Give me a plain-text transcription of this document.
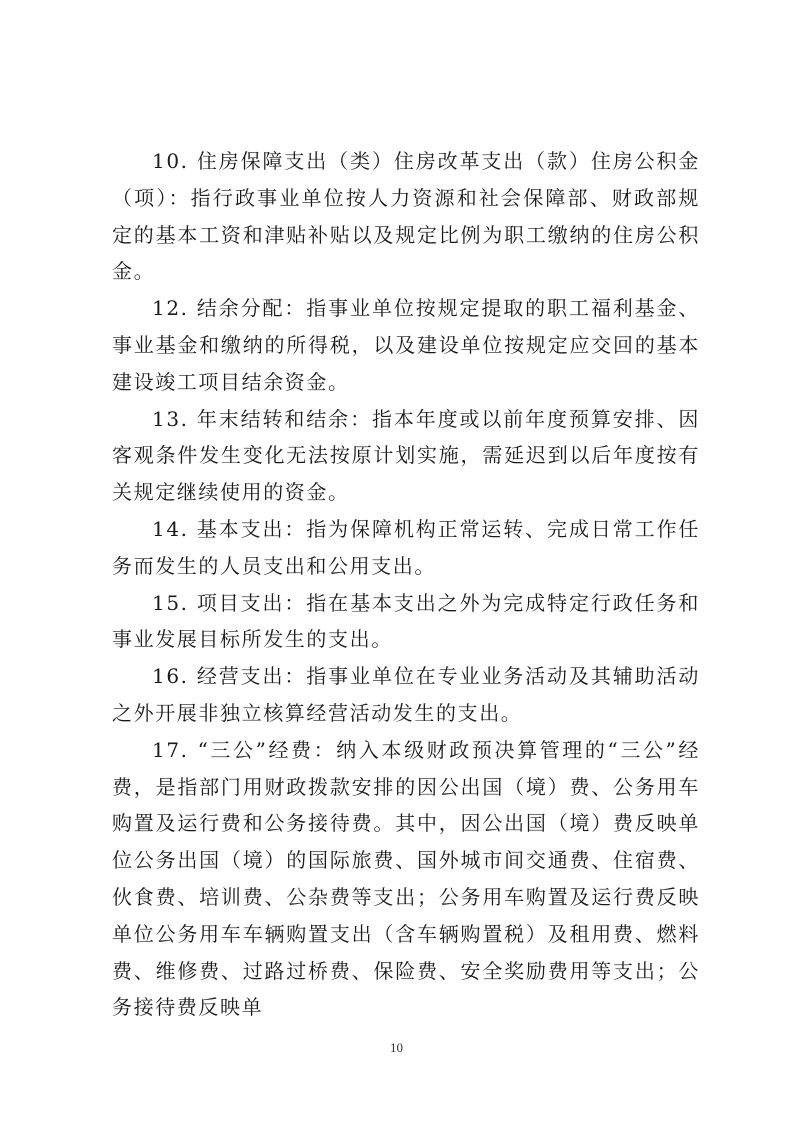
10. 住房保障支出（类）住房改革支出（款）住房公积金（项）：指行政事业单位按人力资源和社会保障部、财政部规定的基本工资和津贴补贴以及规定比例为职工缴纳的住房公积金。

12. 结余分配：指事业单位按规定提取的职工福利基金、事业基金和缴纳的所得税，以及建设单位按规定应交回的基本建设竣工项目结余资金。

13. 年末结转和结余：指本年度或以前年度预算安排、因客观条件发生变化无法按原计划实施，需延迟到以后年度按有关规定继续使用的资金。

14. 基本支出：指为保障机构正常运转、完成日常工作任务而发生的人员支出和公用支出。

15. 项目支出：指在基本支出之外为完成特定行政任务和事业发展目标所发生的支出。

16. 经营支出：指事业单位在专业业务活动及其辅助活动之外开展非独立核算经营活动发生的支出。

17. “三公”经费：纳入本级财政预决算管理的“三公”经费，是指部门用财政拨款安排的因公出国（境）费、公务用车购置及运行费和公务接待费。其中，因公出国（境）费反映单位公务出国（境）的国际旅费、国外城市间交通费、住宿费、伙食费、培训费、公杂费等支出；公务用车购置及运行费反映单位公务用车车辆购置支出（含车辆购置税）及租用费、燃料费、维修费、过路过桥费、保险费、安全奖励费用等支出；公务接待费反映单

10
